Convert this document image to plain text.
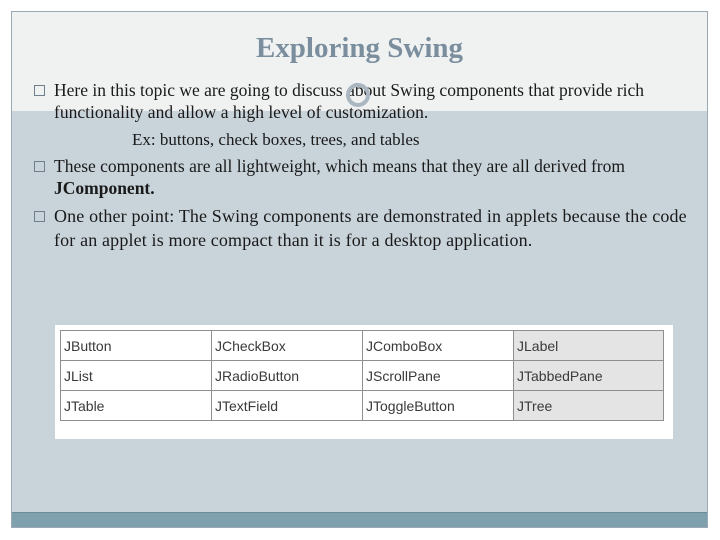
Exploring Swing
Here in this topic we are going to discuss about Swing components that provide rich functionality and allow a high level of customization.
Ex: buttons, check boxes, trees, and tables
These components are all lightweight, which means that they are all derived from JComponent.
One other point: The Swing components are demonstrated in applets because the code for an applet is more compact than it is for a desktop application.
JButton	JCheckBox	JComboBox	JLabel
JList	JRadioButton	JScrollPane	JTabbedPane
JTable	JTextField	JToggleButton	JTree
